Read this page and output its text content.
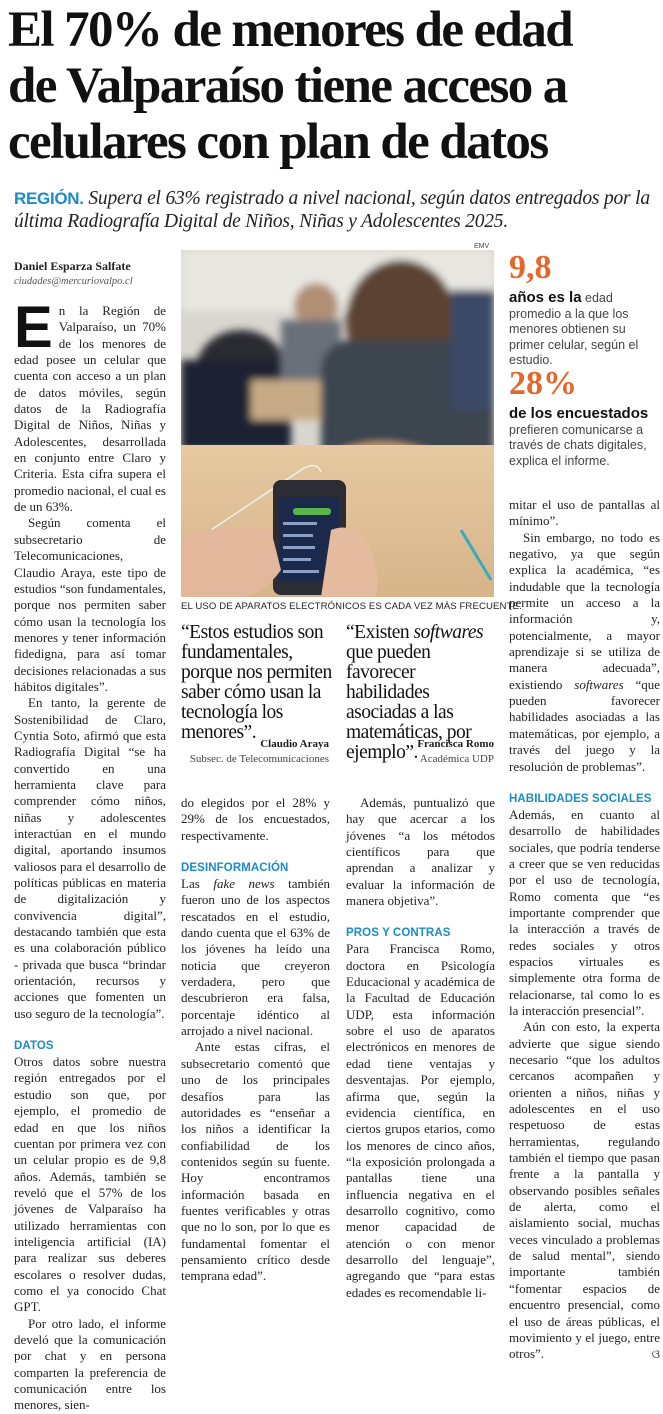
El 70% de menores de edad
de Valparaíso tiene acceso a
celulares con plan de datos
REGIÓN. Supera el 63% registrado a nivel nacional, según datos entregados por la última Radiografía Digital de Niños, Niñas y Adolescentes 2025.
Daniel Esparza Salfate
ciudades@mercuriovalpo.cl

En la Región de Valparaíso, un 70% de los menores de edad posee un celular que cuenta con acceso a un plan de datos móviles, según datos de la Radiografía Digital de Niños, Niñas y Adolescentes, desarrollada en conjunto entre Claro y Criteria. Esta cifra supera el promedio nacional, el cual es de un 63%.

Según comenta el subsecretario de Telecomunicaciones, Claudio Araya, este tipo de estudios “son fundamentales, porque nos permiten saber cómo usan la tecnología los menores y tener información fidedigna, para así tomar decisiones relacionadas a sus hábitos digitales”.

En tanto, la gerente de Sostenibilidad de Claro, Cyntia Soto, afirmó que esta Radiografía Digital “se ha convertido en una herramienta clave para comprender cómo niños, niñas y adolescentes interactúan en el mundo digital, aportando insumos valiosos para el desarrollo de políticas públicas en materia de digitalización y convivencia digital”, destacando también que esta es una colaboración público - privada que busca “brindar orientación, recursos y acciones que fomenten un uso seguro de la tecnología”.

DATOS

Otros datos sobre nuestra región entregados por el estudio son que, por ejemplo, el promedio de edad en que los niños cuentan por primera vez con un celular propio es de 9,8 años. Además, también se reveló que el 57% de los jóvenes de Valparaíso ha utilizado herramientas con inteligencia artificial (IA) para realizar sus deberes escolares o resolver dudas, como el ya conocido Chat GPT.

Por otro lado, el informe develó que la comunicación por chat y en persona comparten la preferencia de comunicación entre los menores, sien-

EMV
EL USO DE APARATOS ELECTRÓNICOS ES CADA VEZ MÁS FRECUENTE.
“Estos estudios son fundamentales, porque nos permiten saber cómo usan la tecnología los menores”.
Claudio Araya
Subsec. de Telecomunicaciones
“Existen softwares que pueden favorecer habilidades asociadas a las matemáticas, por ejemplo”. Francisca Romo
Académica UDP

do elegidos por el 28% y 29% de los encuestados, respectivamente.

DESINFORMACIÓN

Las fake news también fueron uno de los aspectos rescatados en el estudio, dando cuenta que el 63% de los jóvenes ha leído una noticia que creyeron verdadera, pero que descubrieron era falsa, porcentaje idéntico al arrojado a nivel nacional.

Ante estas cifras, el subsecretario comentó que uno de los principales desafíos para las autoridades es “enseñar a los niños a identificar la confiabilidad de los contenidos según su fuente. Hoy encontramos información basada en fuentes verificables y otras que no lo son, por lo que es fundamental fomentar el pensamiento crítico desde temprana edad”.

Además, puntualizó que hay que acercar a los jóvenes “a los métodos científicos para que aprendan a analizar y evaluar la información de manera objetiva”.

PROS Y CONTRAS

Para Francisca Romo, doctora en Psicología Educacional y académica de la Facultad de Educación UDP, esta información sobre el uso de aparatos electrónicos en menores de edad tiene ventajas y desventajas. Por ejemplo, afirma que, según la evidencia científica, en ciertos grupos etarios, como los menores de cinco años, “la exposición prolongada a pantallas tiene una influencia negativa en el desarrollo cognitivo, como menor capacidad de atención o con menor desarrollo del lenguaje”, agregando que “para estas edades es recomendable li-

9,8
años es la edad promedio a la que los menores obtienen su primer celular, según el estudio.
28%
de los encuestados
prefieren comunicarse a través de chats digitales, explica el informe.

mitar el uso de pantallas al mínimo”.

Sin embargo, no todo es negativo, ya que según explica la académica, “es indudable que la tecnología permite un acceso a la información y, potencialmente, a mayor aprendizaje si se utiliza de manera adecuada”, existiendo softwares “que pueden favorecer habilidades asociadas a las matemáticas, por ejemplo, a través del juego y la resolución de problemas”.

HABILIDADES SOCIALES

Además, en cuanto al desarrollo de habilidades sociales, que podría tenderse a creer que se ven reducidas por el uso de tecnología, Romo comenta que “es importante comprender que la interacción a través de redes sociales y otros espacios virtuales es simplemente otra forma de relacionarse, tal como lo es la interacción presencial”.

Aún con esto, la experta advierte que sigue siendo necesario “que los adultos cercanos acompañen y orienten a niños, niñas y adolescentes en el uso respetuoso de estas herramientas, regulando también el tiempo que pasan frente a la pantalla y observando posibles señales de alerta, como el aislamiento social, muchas veces vinculado a problemas de salud mental”, siendo importante también “fomentar espacios de encuentro presencial, como el uso de áreas públicas, el movimiento y el juego, entre otros”.	ଓ
